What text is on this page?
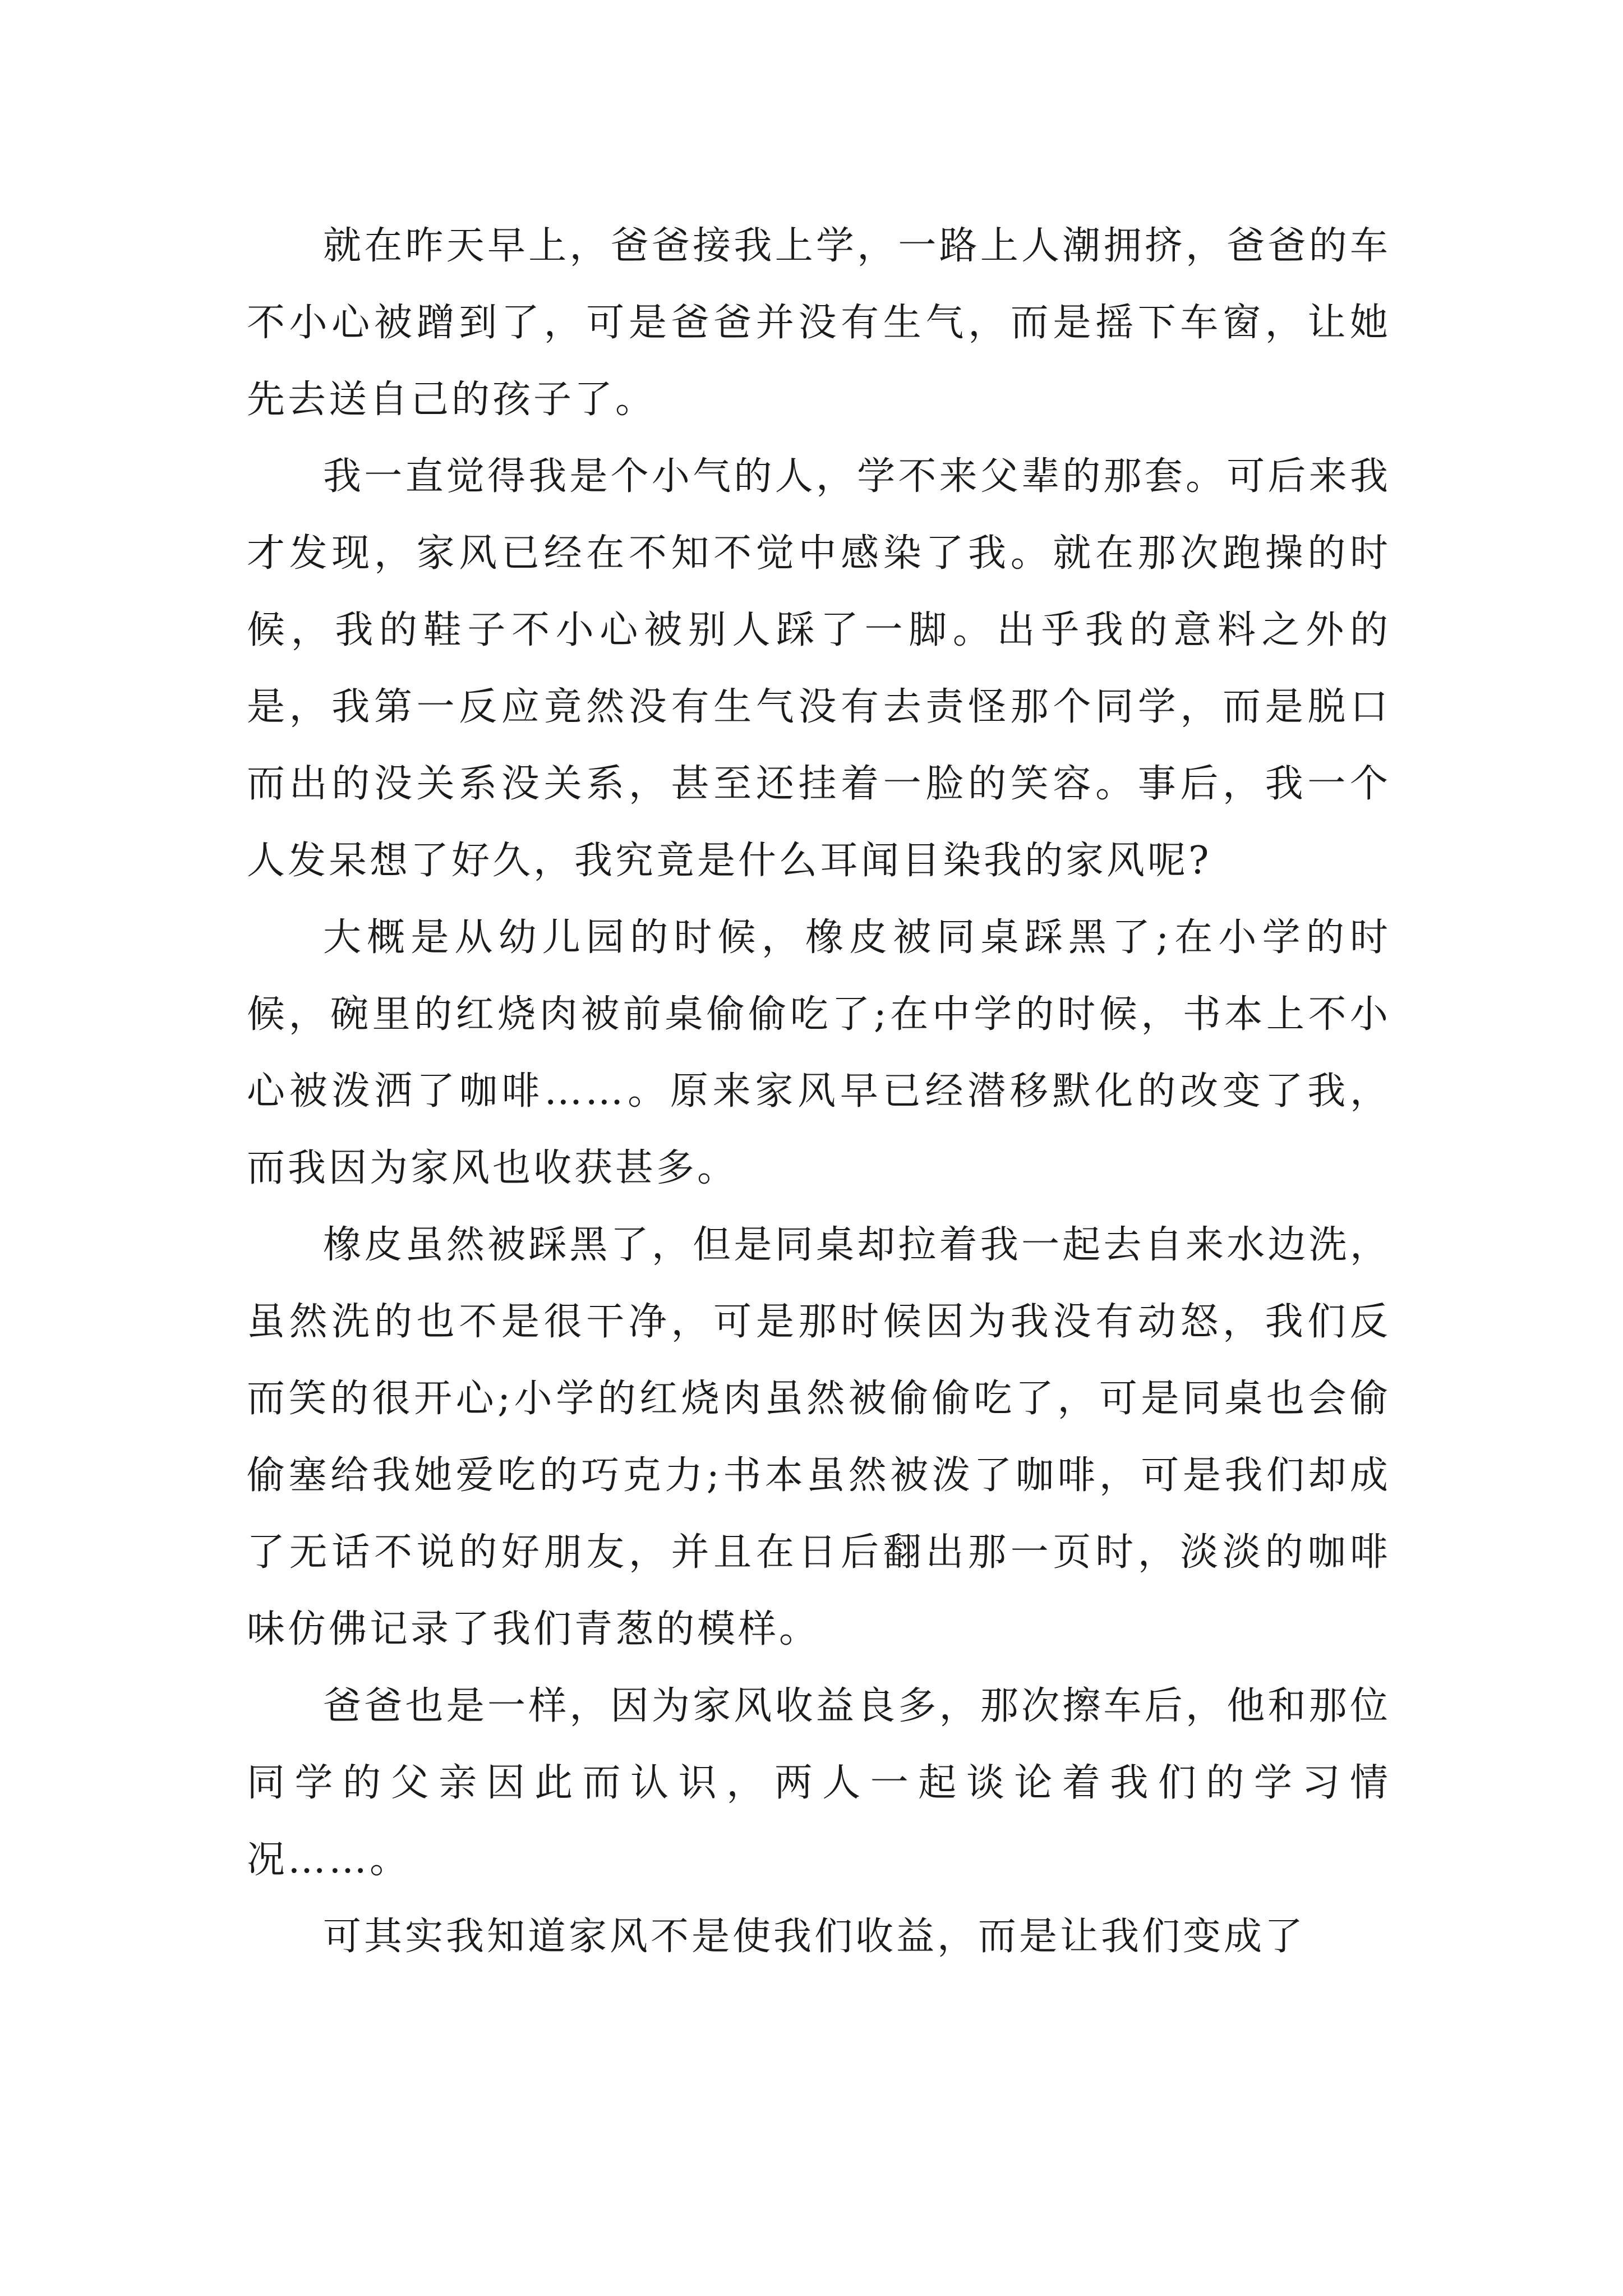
就在昨天早上，爸爸接我上学，一路上人潮拥挤，爸爸的车不小心被蹭到了，可是爸爸并没有生气，而是摇下车窗，让她先去送自己的孩子了。

我一直觉得我是个小气的人，学不来父辈的那套。可后来我才发现，家风已经在不知不觉中感染了我。就在那次跑操的时候，我的鞋子不小心被别人踩了一脚。出乎我的意料之外的是，我第一反应竟然没有生气没有去责怪那个同学，而是脱口而出的没关系没关系，甚至还挂着一脸的笑容。事后，我一个人发呆想了好久，我究竟是什么耳闻目染我的家风呢?

大概是从幼儿园的时候，橡皮被同桌踩黑了;在小学的时候，碗里的红烧肉被前桌偷偷吃了;在中学的时候，书本上不小心被泼洒了咖啡……。原来家风早已经潜移默化的改变了我，而我因为家风也收获甚多。

橡皮虽然被踩黑了，但是同桌却拉着我一起去自来水边洗，虽然洗的也不是很干净，可是那时候因为我没有动怒，我们反而笑的很开心;小学的红烧肉虽然被偷偷吃了，可是同桌也会偷偷塞给我她爱吃的巧克力;书本虽然被泼了咖啡，可是我们却成了无话不说的好朋友，并且在日后翻出那一页时，淡淡的咖啡味仿佛记录了我们青葱的模样。

爸爸也是一样，因为家风收益良多，那次擦车后，他和那位同学的父亲因此而认识，两人一起谈论着我们的学习情况……。

可其实我知道家风不是使我们收益，而是让我们变成了
